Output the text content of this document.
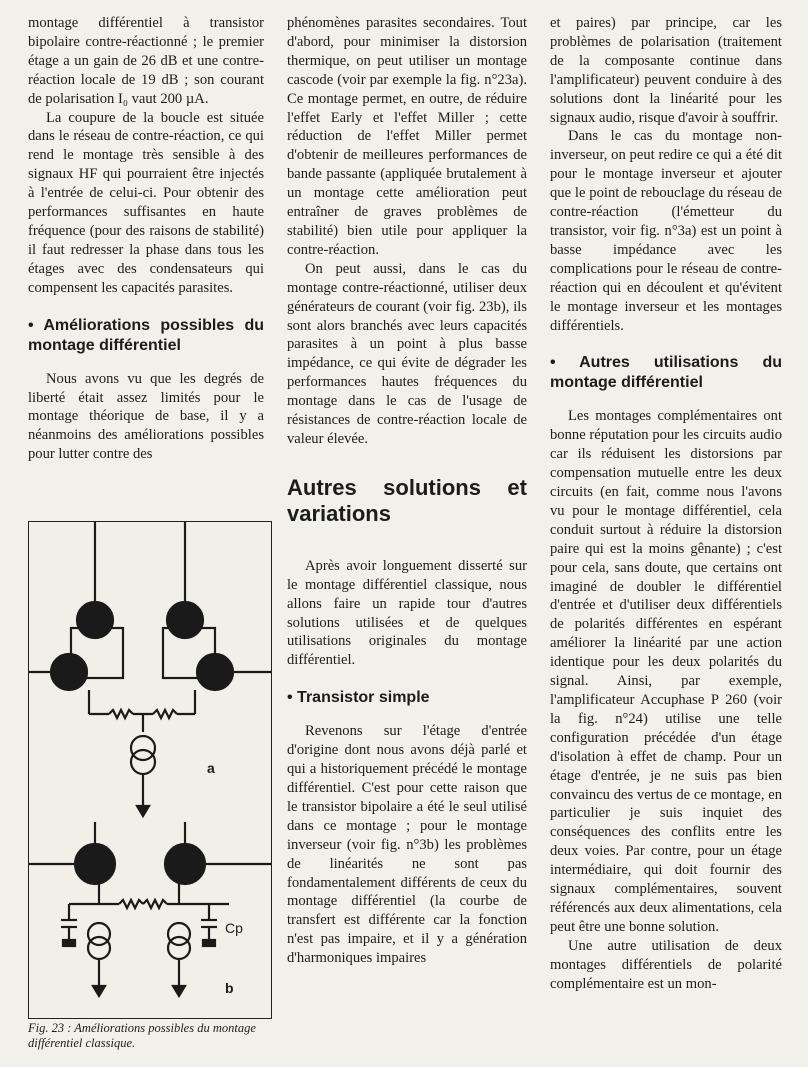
montage différentiel à transistor bipolaire contre-réactionné ; le premier étage a un gain de 26 dB et une contre-réaction locale de 19 dB ; son courant de polarisation I₀ vaut 200 µA.

La coupure de la boucle est située dans le réseau de contre-réaction, ce qui rend le montage très sensible à des signaux HF qui pourraient être injectés à l'entrée de celui-ci. Pour obtenir des performances suffisantes en haute fréquence (pour des raisons de stabilité) il faut redresser la phase dans tous les étages avec des condensateurs qui compensent les capacités parasites.

• Améliorations possibles du montage différentiel

Nous avons vu que les degrés de liberté était assez limités pour le montage théorique de base, il y a néanmoins des améliorations possibles pour lutter contre des

a
Cp
b
Fig. 23 : Améliorations possibles du montage différentiel classique.

phénomènes parasites secondaires. Tout d'abord, pour minimiser la distorsion thermique, on peut utiliser un montage cascode (voir par exemple la fig. n°23a). Ce montage permet, en outre, de réduire l'effet Early et l'effet Miller ; cette réduction de l'effet Miller permet d'obtenir de meilleures performances de bande passante (appliquée brutalement à un montage cette amélioration peut entraîner de graves problèmes de stabilité) bien utile pour appliquer la contre-réaction.

On peut aussi, dans le cas du montage contre-réactionné, utiliser deux générateurs de courant (voir fig. 23b), ils sont alors branchés avec leurs capacités parasites à un point à plus basse impédance, ce qui évite de dégrader les performances hautes fréquences du montage dans le cas de l'usage de résistances de contre-réaction locale de valeur élevée.

Autres solutions et
variations

Après avoir longuement disserté sur le montage différentiel classique, nous allons faire un rapide tour d'autres solutions utilisées et de quelques utilisations originales du montage différentiel.

• Transistor simple

Revenons sur l'étage d'entrée d'origine dont nous avons déjà parlé et qui a historiquement précédé le montage différentiel. C'est pour cette raison que le transistor bipolaire a été le seul utilisé dans ce montage ; pour le montage inverseur (voir fig. n°3b) les problèmes de linéarités ne sont pas fondamentalement différents de ceux du montage différentiel (la courbe de transfert est différente car la fonction n'est pas impaire, et il y a génération d'harmoniques impaires

et paires) par principe, car les problèmes de polarisation (traitement de la composante continue dans l'amplificateur) peuvent conduire à des solutions dont la linéarité pour les signaux audio, risque d'avoir à souffrir.

Dans le cas du montage non-inverseur, on peut redire ce qui a été dit pour le montage inverseur et ajouter que le point de rebouclage du réseau de contre-réaction (l'émetteur du transistor, voir fig. n°3a) est un point à basse impédance avec les complications pour le réseau de contre-réaction qui en découlent et qu'évitent le montage inverseur et les montages différentiels.

• Autres utilisations du montage différentiel

Les montages complémentaires ont bonne réputation pour les circuits audio car ils réduisent les distorsions par compensation mutuelle entre les deux circuits (en fait, comme nous l'avons vu pour le montage différentiel, cela conduit surtout à réduire la distorsion paire qui est la moins gênante) ; c'est pour cela, sans doute, que certains ont imaginé de doubler le différentiel d'entrée et d'utiliser deux différentiels de polarités différentes en espérant améliorer la linéarité par une action identique pour les deux polarités du signal. Ainsi, par exemple, l'amplificateur Accuphase P 260 (voir la fig. n°24) utilise une telle configuration précédée d'un étage d'isolation à effet de champ. Pour un étage d'entrée, je ne suis pas bien convaincu des vertus de ce montage, en particulier je suis inquiet des conséquences des conflits entre les deux voies. Par contre, pour un étage intermédiaire, qui doit fournir des signaux complémentaires, souvent référencés aux deux alimentations, cela peut être une bonne solution.

Une autre utilisation de deux montages différentiels de polarité complémentaire est un mon-
